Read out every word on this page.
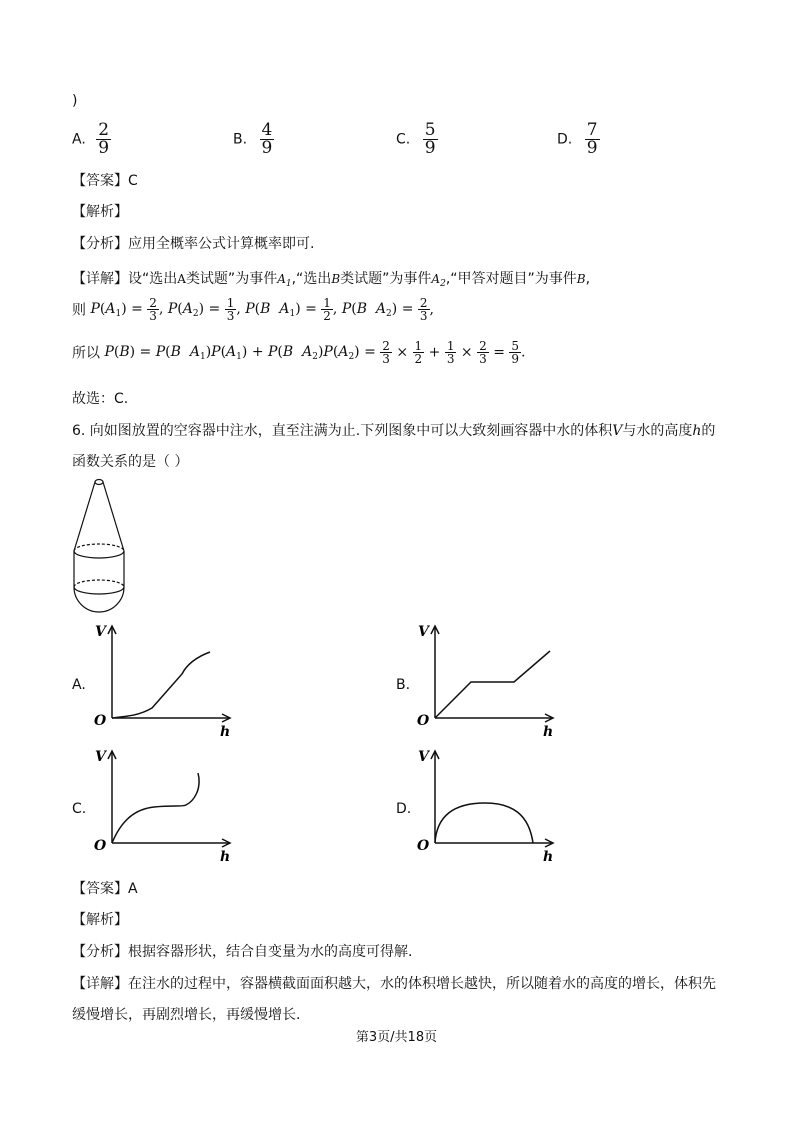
)
A. $\frac{2}{9}$	B. $\frac{4}{9}$	C. $\frac{5}{9}$	D. $\frac{7}{9}$
【答案】C
【解析】
【分析】应用全概率公式计算概率即可.
【详解】设“选出A类试题”为事件$A_1,“$选出B类试题”为事件$A_2,“$甲答对题目”为事件B,
则 $P(A_1) = \frac{2}{3}$ , $P(A_2) = \frac{1}{3}$ , P(B $A_1) = \frac{1}{2}$ , P(B $A_2) = \frac{2}{3}$ ,
所以 P(B) = P(B $A_1)P(A_1) + P(B$ $A_2)P(A_2) = \frac{2}{3} \times \frac{1}{2} + \frac{1}{3} \times \frac{2}{3} = \frac{5}{9}$ .
故选：C.
6. 向如图放置的空容器中注水，直至注满为止.下列图象中可以大致刻画容器中水的体积V与水的高度h的
函数关系的是（ ）
A.
V
h
O
B.
V
h
O
C.
V
h
O
D.
V
h
O
【答案】A
【解析】
【分析】根据容器形状，结合自变量为水的高度可得解.
【详解】在注水的过程中，容器横截面面积越大，水的体积增长越快，所以随着水的高度的增长，体积先
缓慢增长，再剧烈增长，再缓慢增长.
第3页/共18页
